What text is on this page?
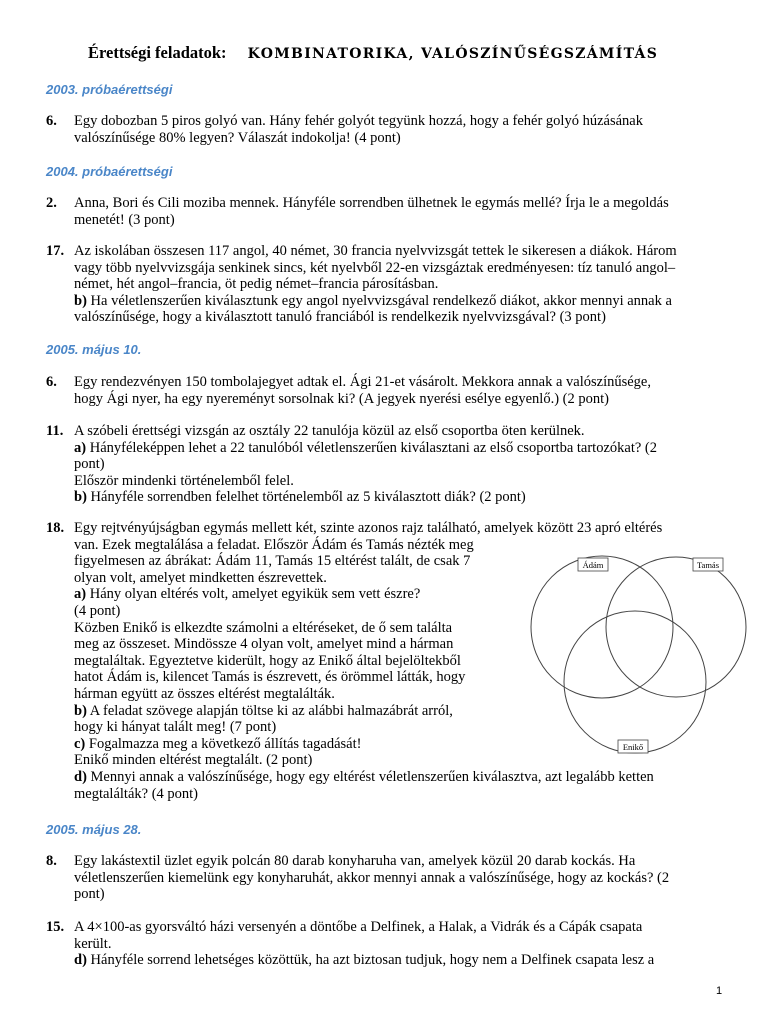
Érettségi feladatok: KOMBINATORIKA, VALÓSZÍNŰSÉGSZÁMÍTÁS
2003. próbaérettségi
6. Egy dobozban 5 piros golyó van. Hány fehér golyót tegyünk hozzá, hogy a fehér golyó húzásának
valószínűsége 80% legyen? Válaszát indokolja! (4 pont)
2004. próbaérettségi
2. Anna, Bori és Cili moziba mennek. Hányféle sorrendben ülhetnek le egymás mellé? Írja le a megoldás
menetét! (3 pont)
17. Az iskolában összesen 117 angol, 40 német, 30 francia nyelvvizsgát tettek le sikeresen a diákok. Három
vagy több nyelvvizsgája senkinek sincs, két nyelvből 22-en vizsgáztak eredményesen: tíz tanuló angol–
német, hét angol–francia, öt pedig német–francia párosításban.
b) Ha véletlenszerűen kiválasztunk egy angol nyelvvizsgával rendelkező diákot, akkor mennyi annak a
valószínűsége, hogy a kiválasztott tanuló franciából is rendelkezik nyelvvizsgával? (3 pont)
2005. május 10.
6. Egy rendezvényen 150 tombolajegyet adtak el. Ági 21-et vásárolt. Mekkora annak a valószínűsége,
hogy Ági nyer, ha egy nyereményt sorsolnak ki? (A jegyek nyerési esélye egyenlő.) (2 pont)
11. A szóbeli érettségi vizsgán az osztály 22 tanulója közül az első csoportba öten kerülnek.
a) Hányféleképpen lehet a 22 tanulóból véletlenszerűen kiválasztani az első csoportba tartozókat? (2
pont)
Először mindenki történelemből felel.
b) Hányféle sorrendben felelhet történelemből az 5 kiválasztott diák? (2 pont)
18. Egy rejtvényújságban egymás mellett két, szinte azonos rajz található, amelyek között 23 apró eltérés
van. Ezek megtalálása a feladat. Először Ádám és Tamás nézték meg
figyelmesen az ábrákat: Ádám 11, Tamás 15 eltérést talált, de csak 7
olyan volt, amelyet mindketten észrevettek.
a) Hány olyan eltérés volt, amelyet egyikük sem vett észre?
(4 pont)
Közben Enikő is elkezdte számolni a eltéréseket, de ő sem találta
meg az összeset. Mindössze 4 olyan volt, amelyet mind a hárman
megtaláltak. Egyeztetve kiderült, hogy az Enikő által bejelöltekből
hatot Ádám is, kilencet Tamás is észrevett, és örömmel látták, hogy
hárman együtt az összes eltérést megtalálták.
b) A feladat szövege alapján töltse ki az alábbi halmazábrát arról,
hogy ki hányat talált meg! (7 pont)
c) Fogalmazza meg a következő állítás tagadását!
Enikő minden eltérést megtalált. (2 pont)
d) Mennyi annak a valószínűsége, hogy egy eltérést véletlenszerűen kiválasztva, azt legalább ketten
megtalálták? (4 pont)
2005. május 28.
8. Egy lakástextil üzlet egyik polcán 80 darab konyharuha van, amelyek közül 20 darab kockás. Ha
véletlenszerűen kiemelünk egy konyharuhát, akkor mennyi annak a valószínűsége, hogy az kockás? (2
pont)
15. A 4×100-as gyorsváltó házi versenyén a döntőbe a Delfinek, a Halak, a Vidrák és a Cápák csapata
került.
d) Hányféle sorrend lehetséges közöttük, ha azt biztosan tudjuk, hogy nem a Delfinek csapata lesz a
Ádám	Tamás
Enikő
1
